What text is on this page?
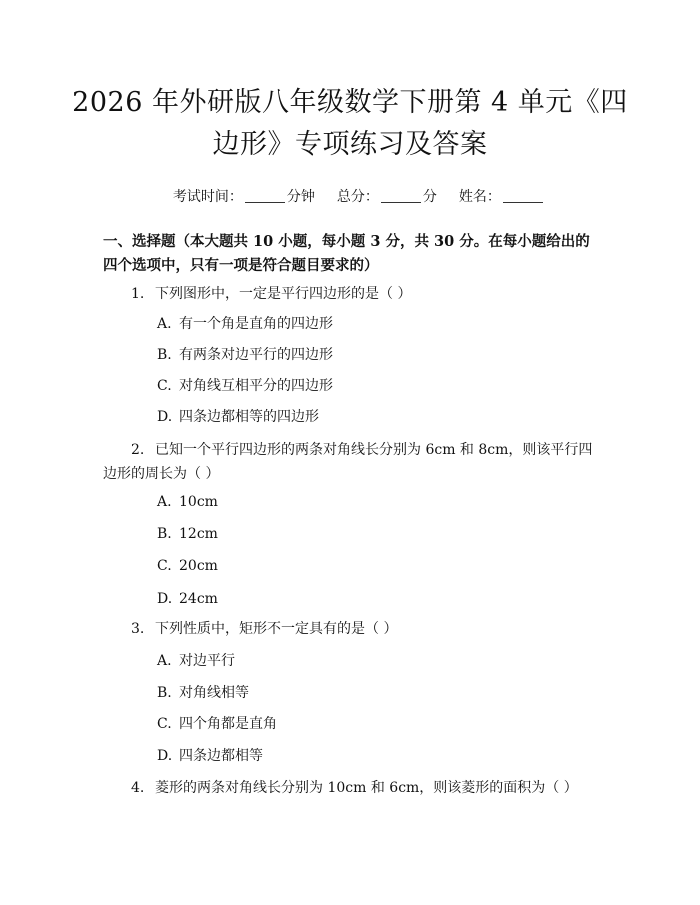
2026 年外研版八年级数学下册第 4 单元《四
边形》专项练习及答案

考试时间：	分钟 总分：	分 姓名：

一、选择题（本大题共 10 小题，每小题 3 分，共 30 分。在每小题给出的四个选项中，只有一项是符合题目要求的）
1. 下列图形中，一定是平行四边形的是（ ）
A. 有一个角是直角的四边形
B. 有两条对边平行的四边形
C. 对角线互相平分的四边形
D. 四条边都相等的四边形
2. 已知一个平行四边形的两条对角线长分别为 6cm 和 8cm，则该平行四边形的周长为（ ）
A. 10cm
B. 12cm
C. 20cm
D. 24cm
3. 下列性质中，矩形不一定具有的是（ ）
A. 对边平行
B. 对角线相等
C. 四个角都是直角
D. 四条边都相等
4. 菱形的两条对角线长分别为 10cm 和 6cm，则该菱形的面积为（ ）
